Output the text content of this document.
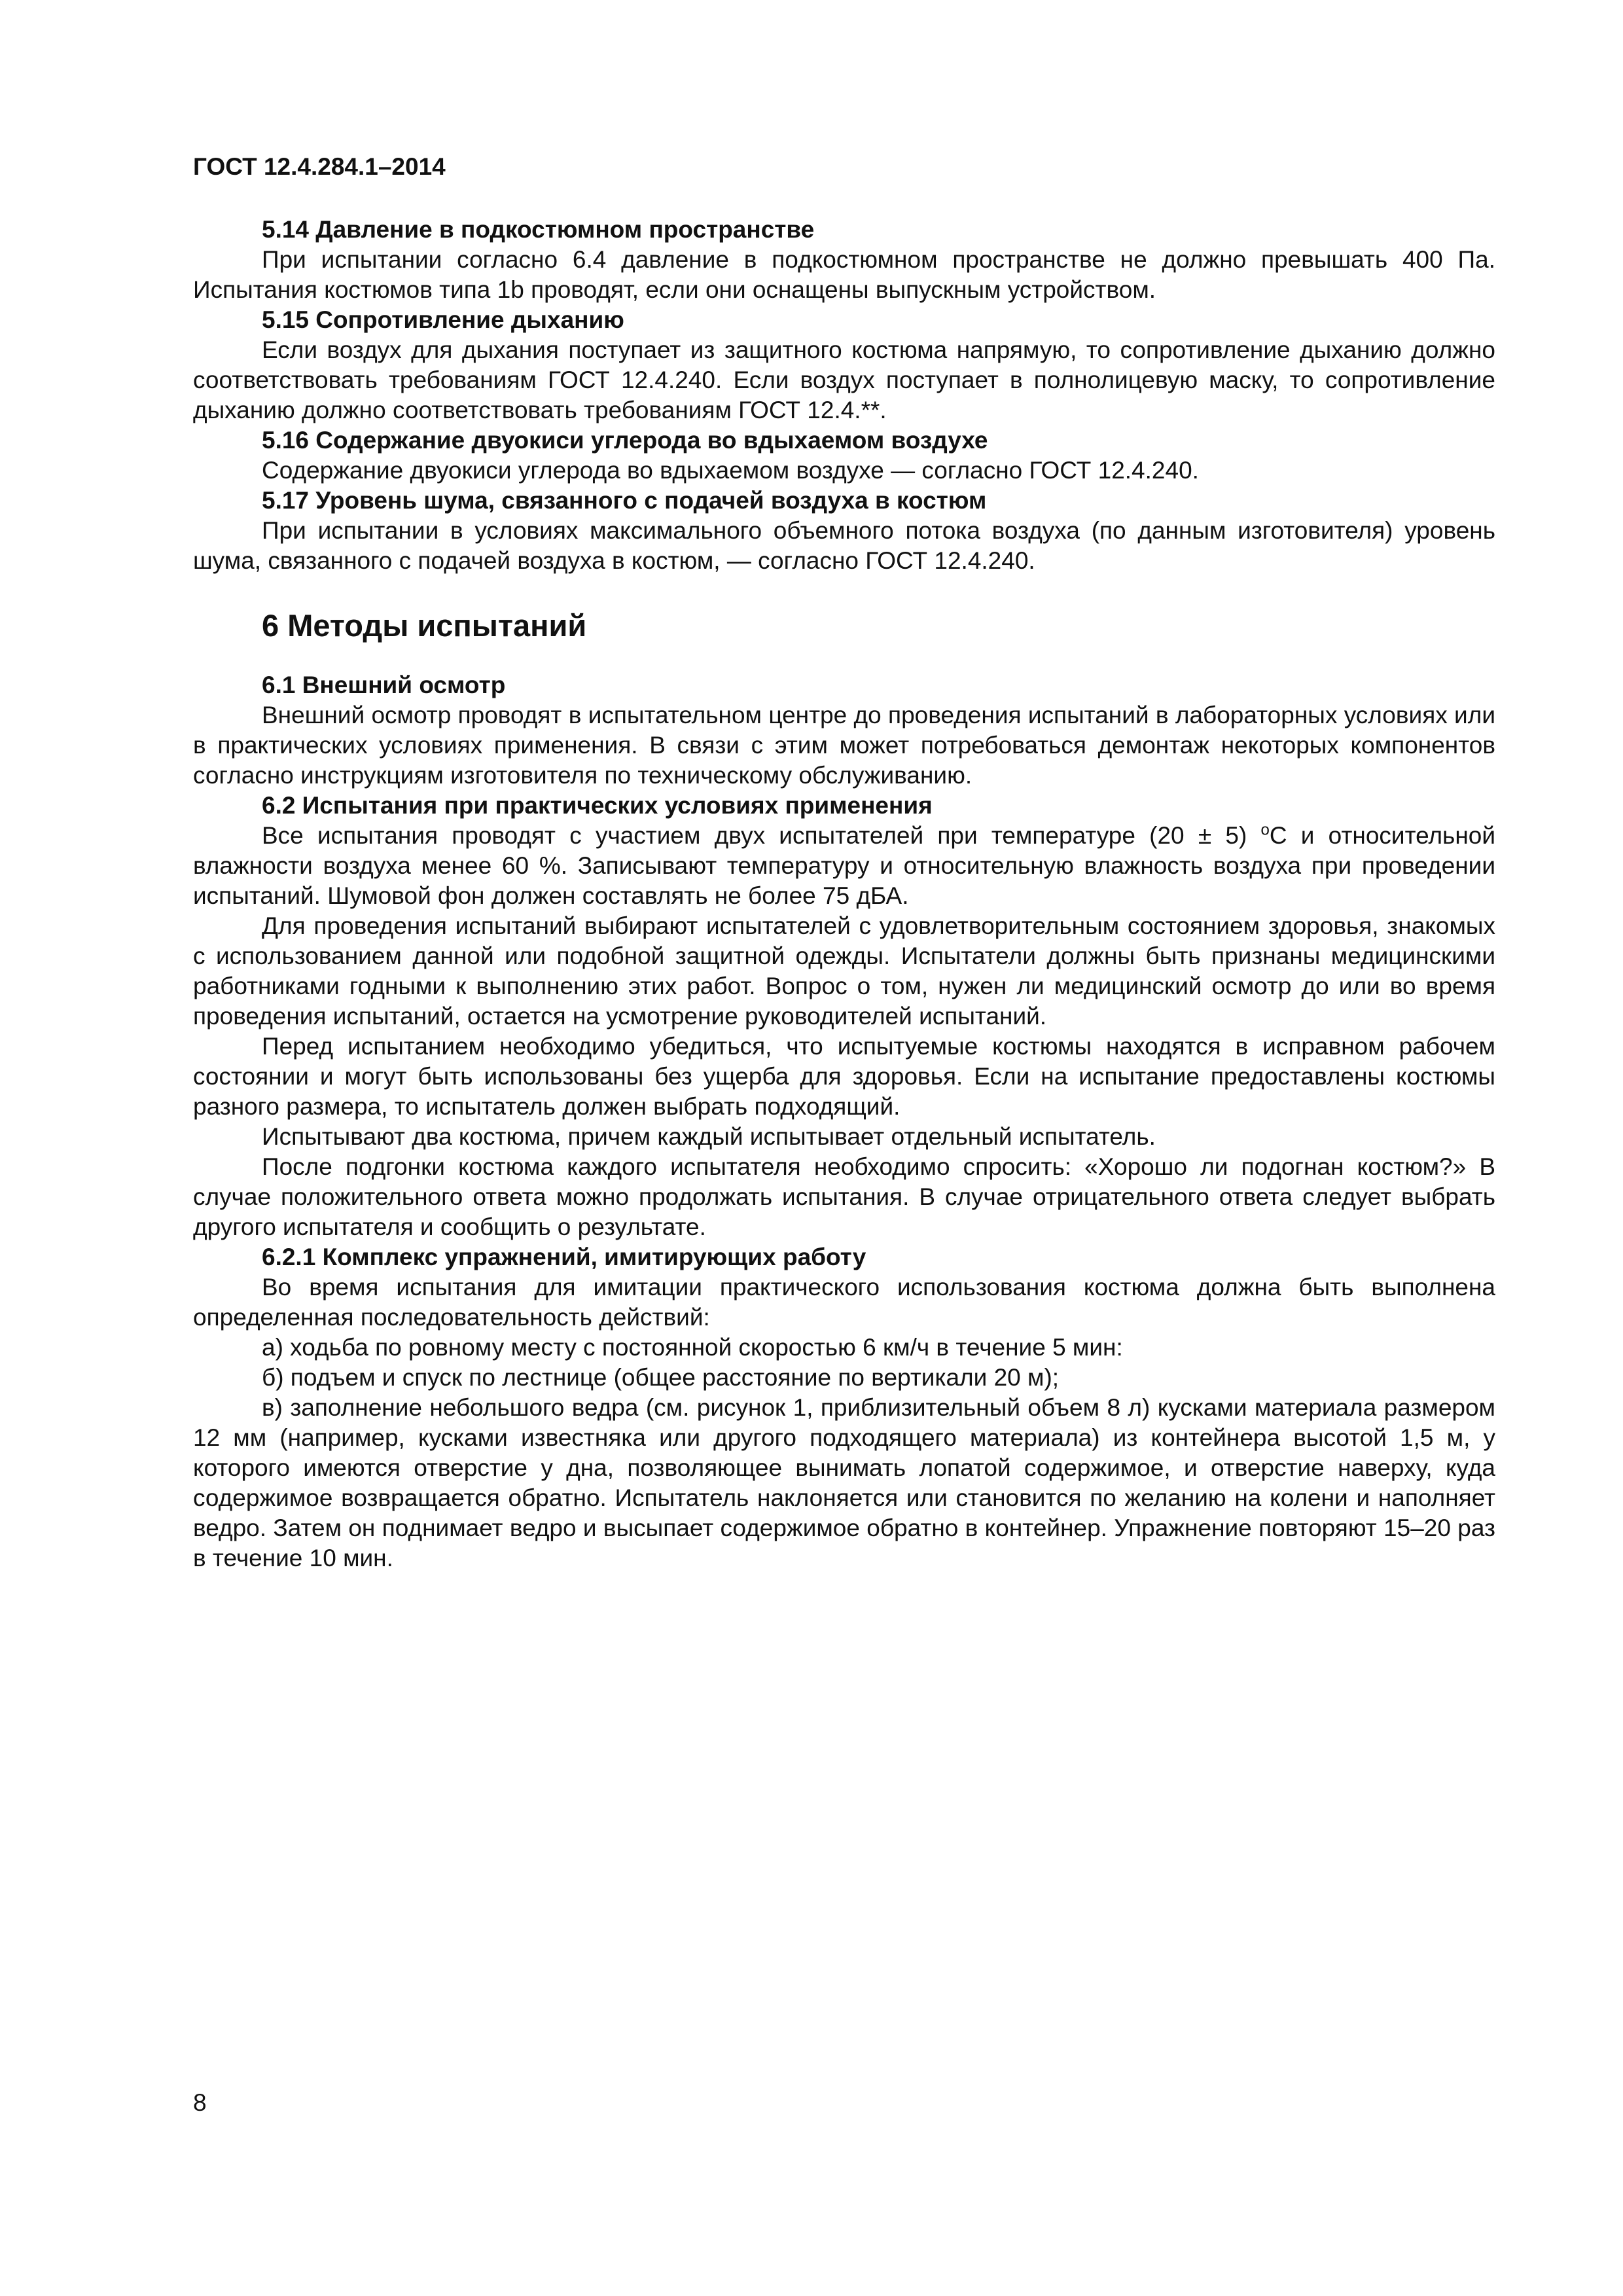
ГОСТ 12.4.284.1–2014

5.14 Давление в подкостюмном пространстве

При испытании согласно 6.4 давление в подкостюмном пространстве не должно превышать 400 Па. Испытания костюмов типа 1b проводят, если они оснащены выпускным устройством.

5.15 Сопротивление дыханию

Если воздух для дыхания поступает из защитного костюма напрямую, то сопротивление дыханию должно соответствовать требованиям ГОСТ 12.4.240. Если воздух поступает в полнолицевую маску, то сопротивление дыханию должно соответствовать требованиям ГОСТ 12.4.**.

5.16 Содержание двуокиси углерода во вдыхаемом воздухе

Содержание двуокиси углерода во вдыхаемом воздухе — согласно ГОСТ 12.4.240.

5.17 Уровень шума, связанного с подачей воздуха в костюм

При испытании в условиях максимального объемного потока воздуха (по данным изготовителя) уровень шума, связанного с подачей воздуха в костюм, — согласно ГОСТ 12.4.240.

6 Методы испытаний

6.1 Внешний осмотр

Внешний осмотр проводят в испытательном центре до проведения испытаний в лабораторных условиях или в практических условиях применения. В связи с этим может потребоваться демонтаж некоторых компонентов согласно инструкциям изготовителя по техническому обслуживанию.

6.2 Испытания при практических условиях применения

Все испытания проводят с участием двух испытателей при температуре (20 ± 5) $^o$C и относительной влажности воздуха менее 60 %. Записывают температуру и относительную влажность воздуха при проведении испытаний. Шумовой фон должен составлять не более 75 дБА.

Для проведения испытаний выбирают испытателей с удовлетворительным состоянием здоровья, знакомых с использованием данной или подобной защитной одежды. Испытатели должны быть признаны медицинскими работниками годными к выполнению этих работ. Вопрос о том, нужен ли медицинский осмотр до или во время проведения испытаний, остается на усмотрение руководителей испытаний.

Перед испытанием необходимо убедиться, что испытуемые костюмы находятся в исправном рабочем состоянии и могут быть использованы без ущерба для здоровья. Если на испытание предоставлены костюмы разного размера, то испытатель должен выбрать подходящий.

Испытывают два костюма, причем каждый испытывает отдельный испытатель.

После подгонки костюма каждого испытателя необходимо спросить: «Хорошо ли подогнан костюм?» В случае положительного ответа можно продолжать испытания. В случае отрицательного ответа следует выбрать другого испытателя и сообщить о результате.

6.2.1 Комплекс упражнений, имитирующих работу

Во время испытания для имитации практического использования костюма должна быть выполнена определенная последовательность действий:

а) ходьба по ровному месту с постоянной скоростью 6 км/ч в течение 5 мин:

б) подъем и спуск по лестнице (общее расстояние по вертикали 20 м);

в) заполнение небольшого ведра (см. рисунок 1, приблизительный объем 8 л) кусками материала размером 12 мм (например, кусками известняка или другого подходящего материала) из контейнера высотой 1,5 м, у которого имеются отверстие у дна, позволяющее вынимать лопатой содержимое, и отверстие наверху, куда содержимое возвращается обратно. Испытатель наклоняется или становится по желанию на колени и наполняет ведро. Затем он поднимает ведро и высыпает содержимое обратно в контейнер. Упражнение повторяют 15–20 раз в течение 10 мин.

8
